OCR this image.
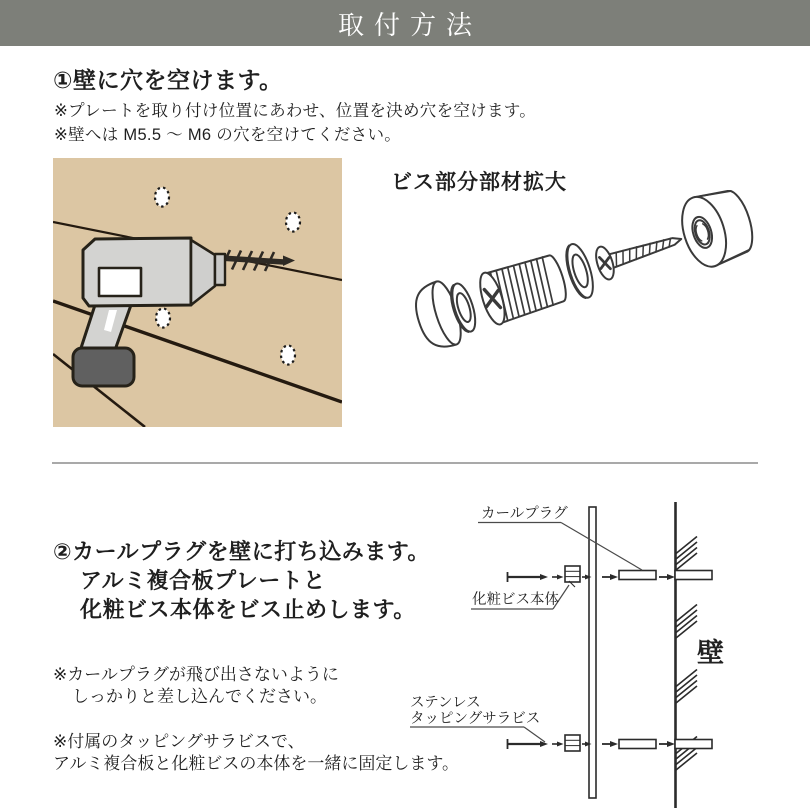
取付方法
①壁に穴を空けます。
※プレートを取り付け位置にあわせ、位置を決め穴を空けます。
※壁へは M5.5 ～ M6 の穴を空けてください。
ビス部分部材拡大
②カールプラグを壁に打ち込みます。
アルミ複合板プレートと
化粧ビス本体をビス止めします。
※カールプラグが飛び出さないように
しっかりと差し込んでください。
※付属のタッピングサラビスで、
アルミ複合板と化粧ビスの本体を一緒に固定します。
カールプラグ
化粧ビス本体
ステンレス
タッピングサラビス
壁
